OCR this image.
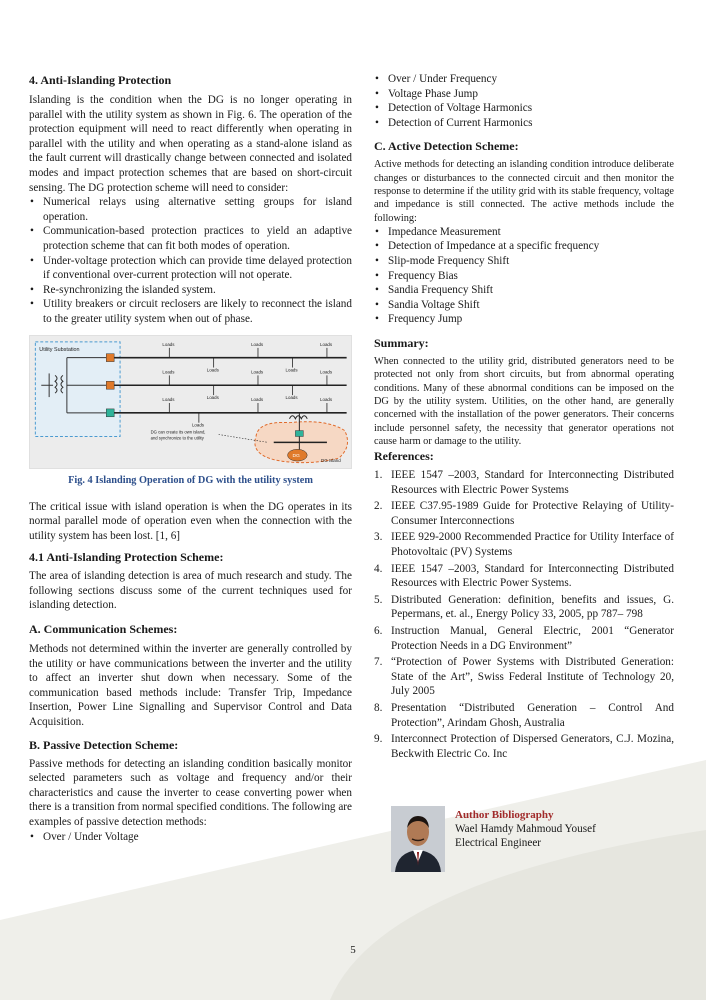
4. Anti-Islanding Protection

Islanding is the condition when the DG is no longer operating in parallel with the utility system as shown in Fig. 6. The operation of the protection equipment will need to react differently when operating in parallel with the utility and when operating as a stand-alone island as the fault current will drastically change between connected and isolated modes and impact protection schemes that are based on short-circuit sensing. The DG protection scheme will need to consider:

• Numerical relays using alternative setting groups for island operation.
• Communication-based protection practices to yield an adaptive protection scheme that can fit both modes of operation.
• Under-voltage protection which can provide time delayed protection if conventional over-current protection will not operate.
• Re-synchronizing the islanded system.
• Utility breakers or circuit reclosers are likely to reconnect the island to the greater utility system when out of phase.
Utility Substation
Loads	Loads	Loads
Loads	Loads	Loads
Loads	Loads
Loads	Loads	Loads
Loads	Loads
Loads
DG
DG Island
DG can create its own island,
and synchronize to the utility
Fig. 4 Islanding Operation of DG with the utility system

The critical issue with island operation is when the DG operates in its normal parallel mode of operation even when the connection with the utility system has been lost. [1, 6]

4.1 Anti-Islanding Protection Scheme:

The area of islanding detection is area of much research and study. The following sections discuss some of the current techniques used for islanding detection.

A. Communication Schemes:

Methods not determined within the inverter are generally controlled by the utility or have communications between the inverter and the utility to affect an inverter shut down when necessary. Some of the communication based methods include: Transfer Trip, Impedance Insertion, Power Line Signalling and Supervisor Control and Data Acquisition.

B. Passive Detection Scheme:

Passive methods for detecting an islanding condition basically monitor selected parameters such as voltage and frequency and/or their characteristics and cause the inverter to cease converting power when there is a transition from normal specified conditions. The following are examples of passive detection methods:

• Over / Under Voltage
• Over / Under Frequency
• Voltage Phase Jump
• Detection of Voltage Harmonics
• Detection of Current Harmonics
C. Active Detection Scheme:

Active methods for detecting an islanding condition introduce deliberate changes or disturbances to the connected circuit and then monitor the response to determine if the utility grid with its stable frequency, voltage and impedance is still connected. The active methods include the following:

• Impedance Measurement
• Detection of Impedance at a specific frequency
• Slip-mode Frequency Shift
• Frequency Bias
• Sandia Frequency Shift
• Sandia Voltage Shift
• Frequency Jump
Summary:

When connected to the utility grid, distributed generators need to be protected not only from short circuits, but from abnormal operating conditions. Many of these abnormal conditions can be imposed on the DG by the utility system. Utilities, on the other hand, are generally concerned with the installation of the power generators. Their concerns include personnel safety, the necessity that generator operations not cause harm or damage to the utility.

References:
1. IEEE 1547 –2003, Standard for Interconnecting Distributed Resources with Electric Power Systems
2. IEEE C37.95-1989 Guide for Protective Relaying of Utility-Consumer Interconnections
3. IEEE 929-2000 Recommended Practice for Utility Interface of Photovoltaic (PV) Systems
4. IEEE 1547 –2003, Standard for Interconnecting Distributed Resources with Electric Power Systems.
5. Distributed Generation: definition, benefits and issues, G. Pepermans, et. al., Energy Policy 33, 2005, pp 787– 798
6. Instruction Manual, General Electric, 2001 “Generator Protection Needs in a DG Environment”
7. “Protection of Power Systems with Distributed Generation: State of the Art”, Swiss Federal Institute of Technology 20, July 2005
8. Presentation “Distributed Generation – Control And Protection”, Arindam Ghosh, Australia
9. Interconnect Protection of Dispersed Generators, C.J. Mozina, Beckwith Electric Co. Inc
Author Bibliography
Wael Hamdy Mahmoud Yousef
Electrical Engineer
5
